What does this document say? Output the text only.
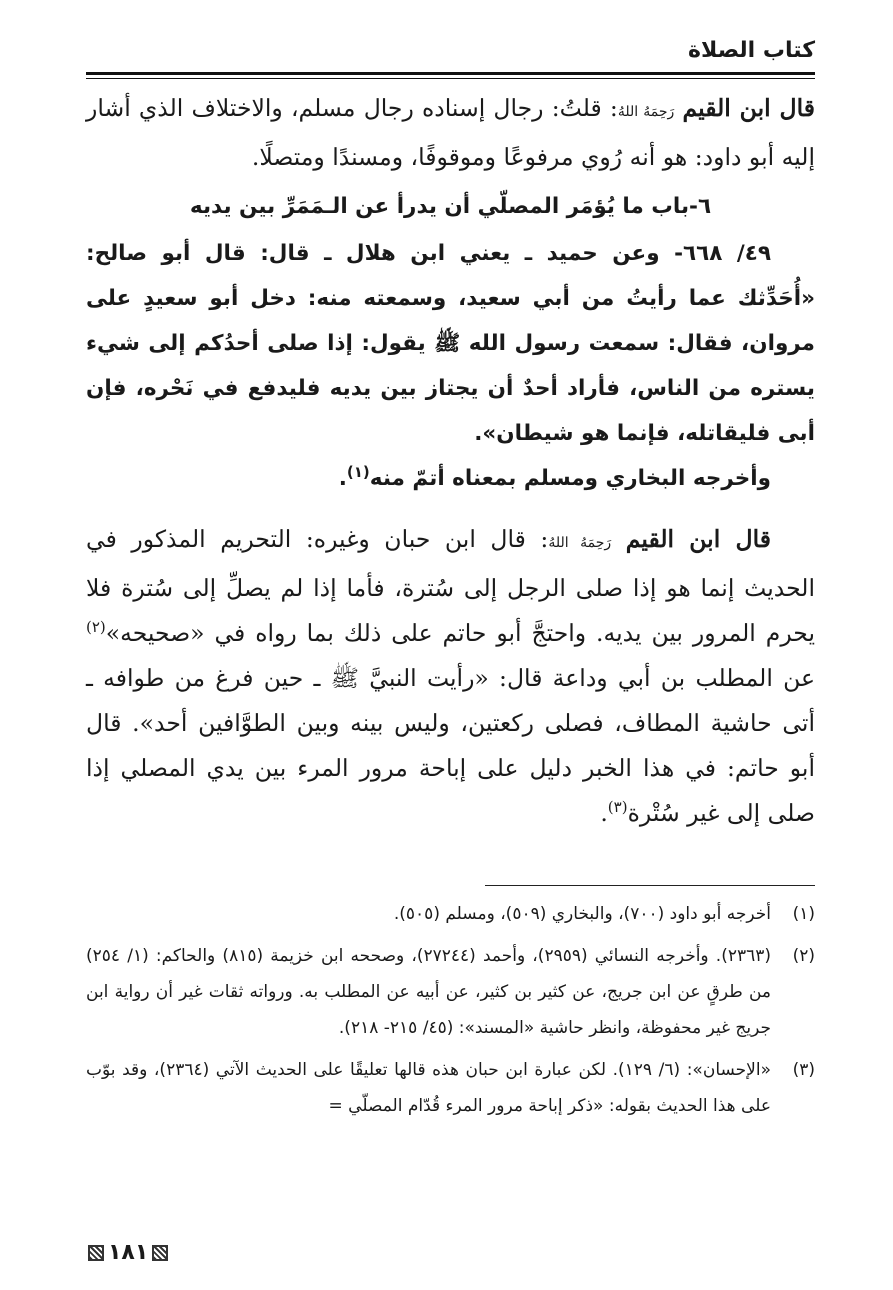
كتاب الصلاة

قال ابن القيم رَحِمَهُ اللهُ: قلتُ: رجال إسناده رجال مسلم، والاختلاف الذي أشار إليه أبو داود: هو أنه رُوي مرفوعًا وموقوفًا، ومسندًا ومتصلًا.

٦-باب ما يُؤمَر المصلّي أن يدرأ عن الـمَمَرِّ بين يديه

٤٩/ ٦٦٨- وعن حميد ـ يعني ابن هلال ـ قال: قال أبو صالح: «أُحَدِّثك عما رأيتُ من أبي سعيد، وسمعته منه: دخل أبو سعيدٍ على مروان، فقال: سمعت رسول الله ﷺ يقول: إذا صلى أحدُكم إلى شيء يستره من الناس، فأراد أحدٌ أن يجتاز بين يديه فليدفع في نَحْره، فإن أبى فليقاتله، فإنما هو شيطان».

وأخرجه البخاري ومسلم بمعناه أتمّ منه$^{(١)}$.

قال ابن القيم رَحِمَهُ اللهُ: قال ابن حبان وغيره: التحريم المذكور في الحديث إنما هو إذا صلى الرجل إلى سُترة، فأما إذا لم يصلِّ إلى سُترة فلا يحرم المرور بين يديه. واحتجَّ أبو حاتم على ذلك بما رواه في «صحيحه»$^{(٢)}$ عن المطلب بن أبي وداعة قال: «رأيت النبيَّ ﷺ ـ حين فرغ من طوافه ـ أتى حاشية المطاف، فصلى ركعتين، وليس بينه وبين الطوَّافين أحد». قال أبو حاتم: في هذا الخبر دليل على إباحة مرور المرء بين يدي المصلي إذا صلى إلى غير سُتْرة$^{(٣)}$.

(١)
أخرجه أبو داود (٧٠٠)، والبخاري (٥٠٩)، ومسلم (٥٠٥).
(٢)
(٢٣٦٣). وأخرجه النسائي (٢٩٥٩)، وأحمد (٢٧٢٤٤)، وصححه ابن خزيمة (٨١٥) والحاكم: (١/ ٢٥٤) من طرقٍ عن ابن جريج، عن كثير بن كثير، عن أبيه عن المطلب به. ورواته ثقات غير أن رواية ابن جريج غير محفوظة، وانظر حاشية «المسند»: (٤٥/ ٢١٥- ٢١٨).
(٣)
«الإحسان»: (٦/ ١٢٩). لكن عبارة ابن حبان هذه قالها تعليقًا على الحديث الآتي (٢٣٦٤)، وقد بوّب على هذا الحديث بقوله: «ذكر إباحة مرور المرء قُدّام المصلّي =
١٨١
